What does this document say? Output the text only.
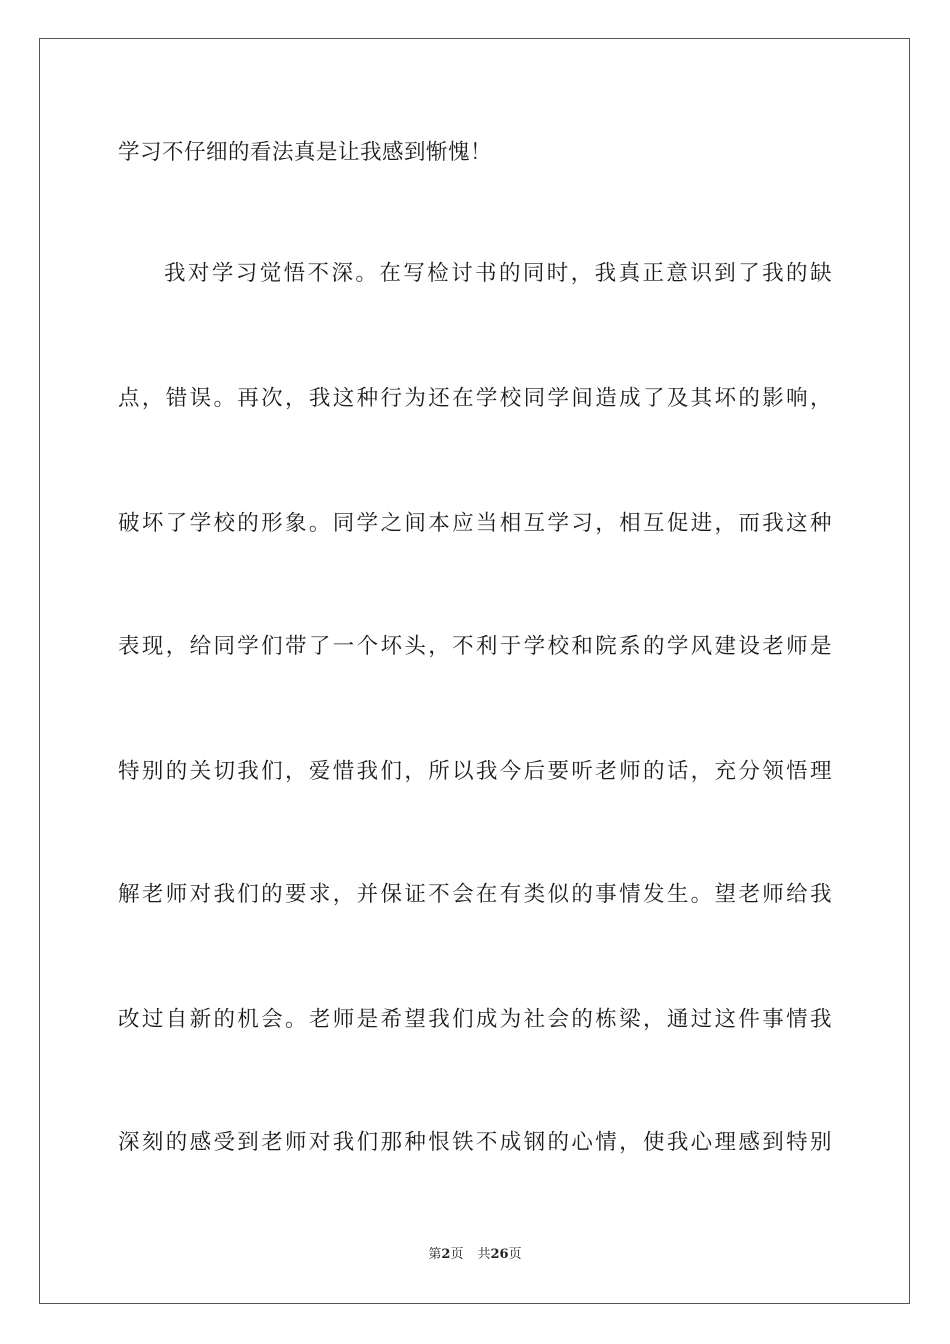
学习不仔细的看法真是让我感到惭愧！
我对学习觉悟不深。在写检讨书的同时，我真正意识到了我的缺
点，错误。再次，我这种行为还在学校同学间造成了及其坏的影响，
破坏了学校的形象。同学之间本应当相互学习，相互促进，而我这种
表现，给同学们带了一个坏头，不利于学校和院系的学风建设老师是
特别的关切我们，爱惜我们，所以我今后要听老师的话，充分领悟理
解老师对我们的要求，并保证不会在有类似的事情发生。望老师给我
改过自新的机会。老师是希望我们成为社会的栋梁，通过这件事情我
深刻的感受到老师对我们那种恨铁不成钢的心情，使我心理感到特别
第2页 共26页
